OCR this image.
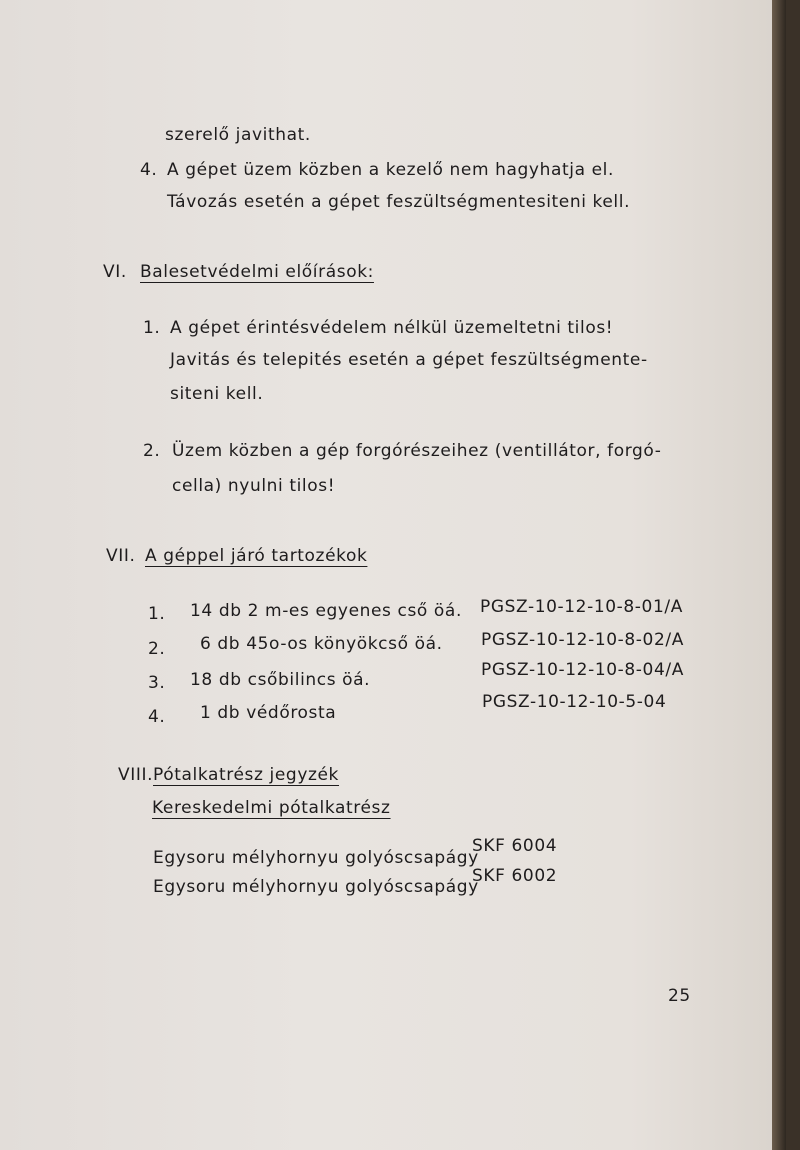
szerelő javithat.
4. A gépet üzem közben a kezelő nem hagyhatja el.
Távozás esetén a gépet feszültségmentesiteni kell.
VI. Balesetvédelmi előírások:
1. A gépet érintésvédelem nélkül üzemeltetni tilos!
Javitás és telepités esetén a gépet feszültségmente-
siteni kell.
2. Üzem közben a gép forgórészeihez (ventillátor, forgó-
cella) nyulni tilos!
VII. A géppel járó tartozékok
1. 14 db 2 m-es egyenes cső öá. PGSZ-10-12-10-8-01/A
2. 6 db 45o-os könyökcső öá. PGSZ-10-12-10-8-02/A
3. 18 db csőbilincs öá.	PGSZ-10-12-10-8-04/A
4. 1 db védőrosta
PGSZ-10-12-10-5-04
VIII. Pótalkatrész jegyzék
Kereskedelmi pótalkatrész
Egysoru mélyhornyu golyóscsapágy
SKF 6004
Egysoru mélyhornyu golyóscsapágy
SKF 6002
25
